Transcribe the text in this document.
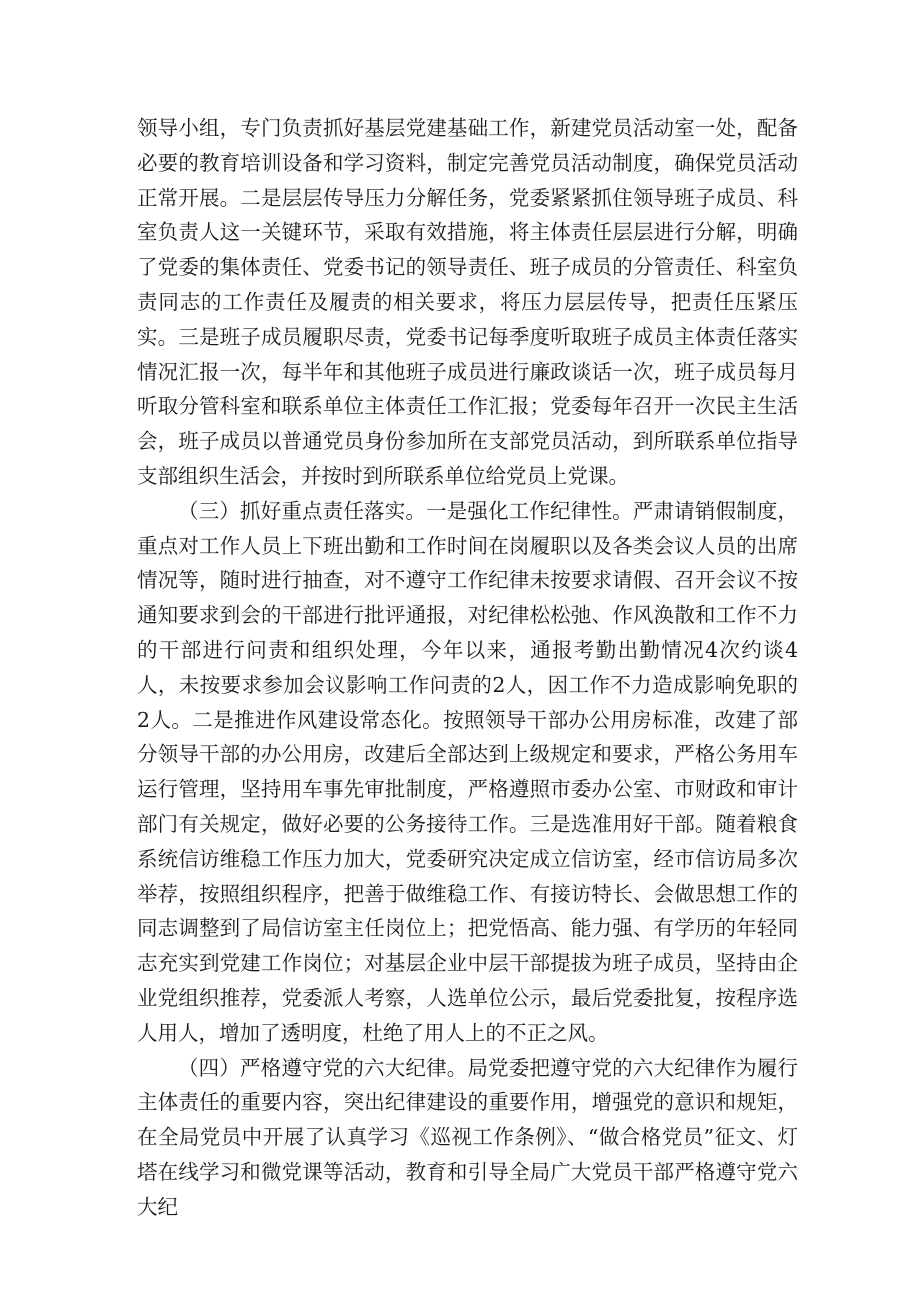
领导小组，专门负责抓好基层党建基础工作，新建党员活动室一处，配备必要的教育培训设备和学习资料，制定完善党员活动制度，确保党员活动正常开展。二是层层传导压力分解任务，党委紧紧抓住领导班子成员、科室负责人这一关键环节，采取有效措施，将主体责任层层进行分解，明确了党委的集体责任、党委书记的领导责任、班子成员的分管责任、科室负责同志的工作责任及履责的相关要求，将压力层层传导，把责任压紧压实。三是班子成员履职尽责，党委书记每季度听取班子成员主体责任落实情况汇报一次，每半年和其他班子成员进行廉政谈话一次，班子成员每月听取分管科室和联系单位主体责任工作汇报；党委每年召开一次民主生活会，班子成员以普通党员身份参加所在支部党员活动，到所联系单位指导支部组织生活会，并按时到所联系单位给党员上党课。

（三）抓好重点责任落实。一是强化工作纪律性。严肃请销假制度，重点对工作人员上下班出勤和工作时间在岗履职以及各类会议人员的出席情况等，随时进行抽查，对不遵守工作纪律未按要求请假、召开会议不按通知要求到会的干部进行批评通报，对纪律松松弛、作风涣散和工作不力的干部进行问责和组织处理，今年以来，通报考勤出勤情况4次约谈4人，未按要求参加会议影响工作问责的2人，因工作不力造成影响免职的2人。二是推进作风建设常态化。按照领导干部办公用房标准，改建了部分领导干部的办公用房，改建后全部达到上级规定和要求，严格公务用车运行管理，坚持用车事先审批制度，严格遵照市委办公室、市财政和审计部门有关规定，做好必要的公务接待工作。三是选准用好干部。随着粮食系统信访维稳工作压力加大，党委研究决定成立信访室，经市信访局多次举荐，按照组织程序，把善于做维稳工作、有接访特长、会做思想工作的同志调整到了局信访室主任岗位上；把党悟高、能力强、有学历的年轻同志充实到党建工作岗位；对基层企业中层干部提拔为班子成员，坚持由企业党组织推荐，党委派人考察，人选单位公示，最后党委批复，按程序选人用人，增加了透明度，杜绝了用人上的不正之风。

（四）严格遵守党的六大纪律。局党委把遵守党的六大纪律作为履行主体责任的重要内容，突出纪律建设的重要作用，增强党的意识和规矩，在全局党员中开展了认真学习《巡视工作条例》、“做合格党员”征文、灯塔在线学习和微党课等活动，教育和引导全局广大党员干部严格遵守党六大纪
